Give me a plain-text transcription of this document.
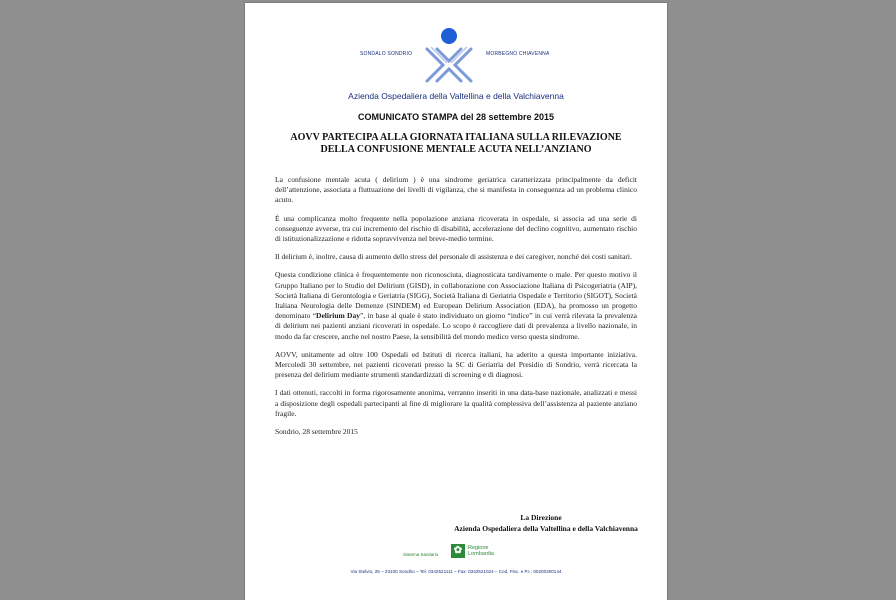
SONDALO SONDRIO	MORBEGNO CHIAVENNA
Azienda Ospedaliera della Valtellina e della Valchiavenna
COMUNICATO STAMPA del 28 settembre 2015
AOVV PARTECIPA ALLA GIORNATA ITALIANA SULLA RILEVAZIONE
DELLA CONFUSIONE MENTALE ACUTA NELL’ANZIANO

La confusione mentale acuta ( delirium ) è una sindrome geriatrica caratterizzata principalmente da deficit dell’attenzione, associata a fluttuazione dei livelli di vigilanza, che si manifesta in conseguenza ad un problema clinico acuto.

È una complicanza molto frequente nella popolazione anziana ricoverata in ospedale, si associa ad una serie di conseguenze avverse, tra cui incremento del rischio di disabilità, accelerazione del declino cognitivo, aumentato rischio di istituzionalizzazione e ridotta sopravvivenza nel breve-medio termine.

Il delirium è, inoltre, causa di aumento dello stress del personale di assistenza e dei caregiver, nonché dei costi sanitari.

Questa condizione clinica è frequentemente non riconosciuta, diagnosticata tardivamente o male. Per questo motivo il Gruppo Italiano per lo Studio del Delirium (GISD), in collaborazione con Associazione Italiana di Psicogeriatria (AIP), Società Italiana di Gerontologia e Geriatria (SIGG), Società Italiana di Geriatria Ospedale e Territorio (SIGOT), Società Italiana Neurologia delle Demenze (SINDEM) ed European Delirium Association (EDA), ha promosso un progetto denominato “Delirium Day”, in base al quale è stato individuato un giorno “indice” in cui verrà rilevata la prevalenza di delirium nei pazienti anziani ricoverati in ospedale. Lo scopo è raccogliere dati di prevalenza a livello nazionale, in modo da far crescere, anche nel nostro Paese, la sensibilità del mondo medico verso questa sindrome.

AOVV, unitamente ad oltre 100 Ospedali ed Istituti di ricerca italiani, ha aderito a questa importante iniziativa. Mercoledì 30 settembre, nei pazienti ricoverati presso la SC di Geriatria del Presidio di Sondrio, verrà ricercata la presenza del delirium mediante strumenti standardizzati di screening e di diagnosi.

I dati ottenuti, raccolti in forma rigorosamente anonima, verranno inseriti in una data-base nazionale, analizzati e messi a disposizione degli ospedali partecipanti al fine di migliorare la qualità complessiva dell’assistenza al paziente anziano fragile.

Sondrio, 28 settembre 2015

La Direzione
Azienda Ospedaliera della Valtellina e della Valchiavenna
Sistema Sanitario ✿	Regione
Lombardia
Via Stelvio, 25 – 23100 Sondrio – Tel: 0342521111 – Fax: 0342521024 – Cod. Fisc. e P.I.: 00200300144
